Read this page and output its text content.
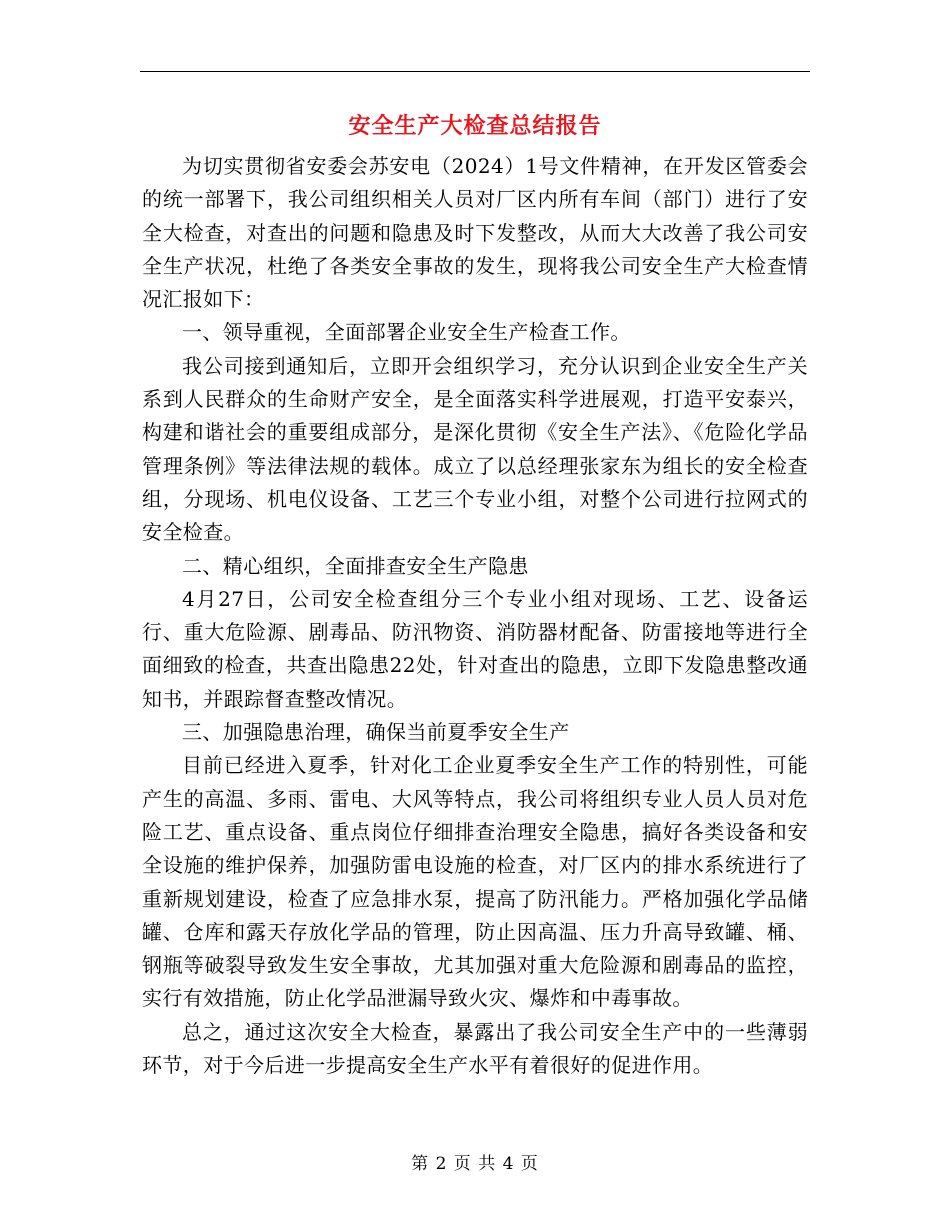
安全生产大检查总结报告

为切实贯彻省安委会苏安电（2024）1号文件精神，在开发区管委会的统一部署下，我公司组织相关人员对厂区内所有车间（部门）进行了安全大检查，对查出的问题和隐患及时下发整改，从而大大改善了我公司安全生产状况，杜绝了各类安全事故的发生，现将我公司安全生产大检查情况汇报如下：

一、领导重视，全面部署企业安全生产检查工作。

我公司接到通知后，立即开会组织学习，充分认识到企业安全生产关系到人民群众的生命财产安全，是全面落实科学进展观，打造平安泰兴，构建和谐社会的重要组成部分，是深化贯彻《安全生产法》、《危险化学品管理条例》等法律法规的载体。成立了以总经理张家东为组长的安全检查组，分现场、机电仪设备、工艺三个专业小组，对整个公司进行拉网式的安全检查。

二、精心组织，全面排查安全生产隐患

4月27日，公司安全检查组分三个专业小组对现场、工艺、设备运行、重大危险源、剧毒品、防汛物资、消防器材配备、防雷接地等进行全面细致的检查，共查出隐患22处，针对查出的隐患，立即下发隐患整改通知书，并跟踪督查整改情况。

三、加强隐患治理，确保当前夏季安全生产

目前已经进入夏季，针对化工企业夏季安全生产工作的特别性，可能产生的高温、多雨、雷电、大风等特点，我公司将组织专业人员人员对危险工艺、重点设备、重点岗位仔细排查治理安全隐患，搞好各类设备和安全设施的维护保养，加强防雷电设施的检查，对厂区内的排水系统进行了重新规划建设，检查了应急排水泵，提高了防汛能力。严格加强化学品储罐、仓库和露天存放化学品的管理，防止因高温、压力升高导致罐、桶、钢瓶等破裂导致发生安全事故，尤其加强对重大危险源和剧毒品的监控，实行有效措施，防止化学品泄漏导致火灾、爆炸和中毒事故。

总之，通过这次安全大检查，暴露出了我公司安全生产中的一些薄弱环节，对于今后进一步提高安全生产水平有着很好的促进作用。

第 2 页 共 4 页
